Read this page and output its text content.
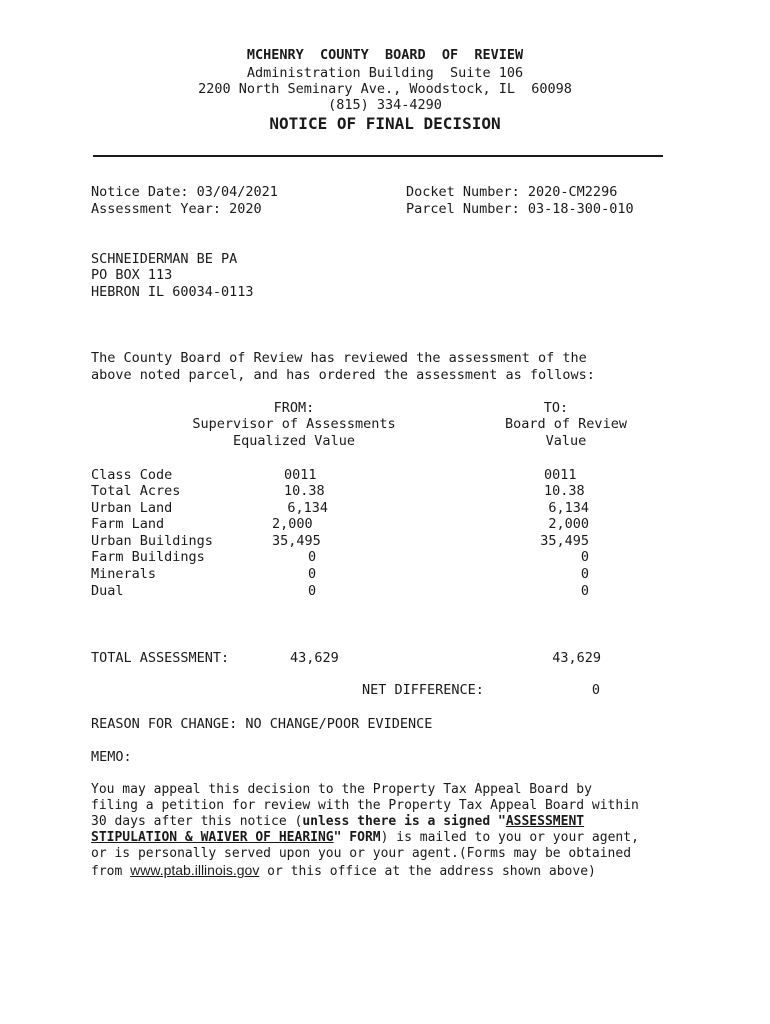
MCHENRY  COUNTY  BOARD  OF  REVIEW
Administration Building  Suite 106
2200 North Seminary Ave., Woodstock, IL  60098
(815) 334-4290
NOTICE OF FINAL DECISION
Notice Date: 03/04/2021
Assessment Year: 2020
Docket Number: 2020-CM2296
Parcel Number: 03-18-300-010
SCHNEIDERMAN BE PA
PO BOX 113
HEBRON IL 60034-0113
The County Board of Review has reviewed the assessment of the
above noted parcel, and has ordered the assessment as follows:
FROM:
Supervisor of Assessments
Equalized Value
TO:
Board of Review
Value
Class Code	0011	0011
Total Acres	10.38	10.38
Urban Land	6,134	6,134
Farm Land	2,000	2,000
Urban Buildings	35,495	35,495
Farm Buildings	0	0
Minerals	0	0
Dual	0	0
TOTAL ASSESSMENT:	43,629	43,629
NET DIFFERENCE:	0
REASON FOR CHANGE: NO CHANGE/POOR EVIDENCE
MEMO:
You may appeal this decision to the Property Tax Appeal Board by
filing a petition for review with the Property Tax Appeal Board within
30 days after this notice (unless there is a signed "ASSESSMENT
STIPULATION & WAIVER OF HEARING" FORM) is mailed to you or your agent,
or is personally served upon you or your agent.(Forms may be obtained
from www.ptab.illinois.gov or this office at the address shown above)
